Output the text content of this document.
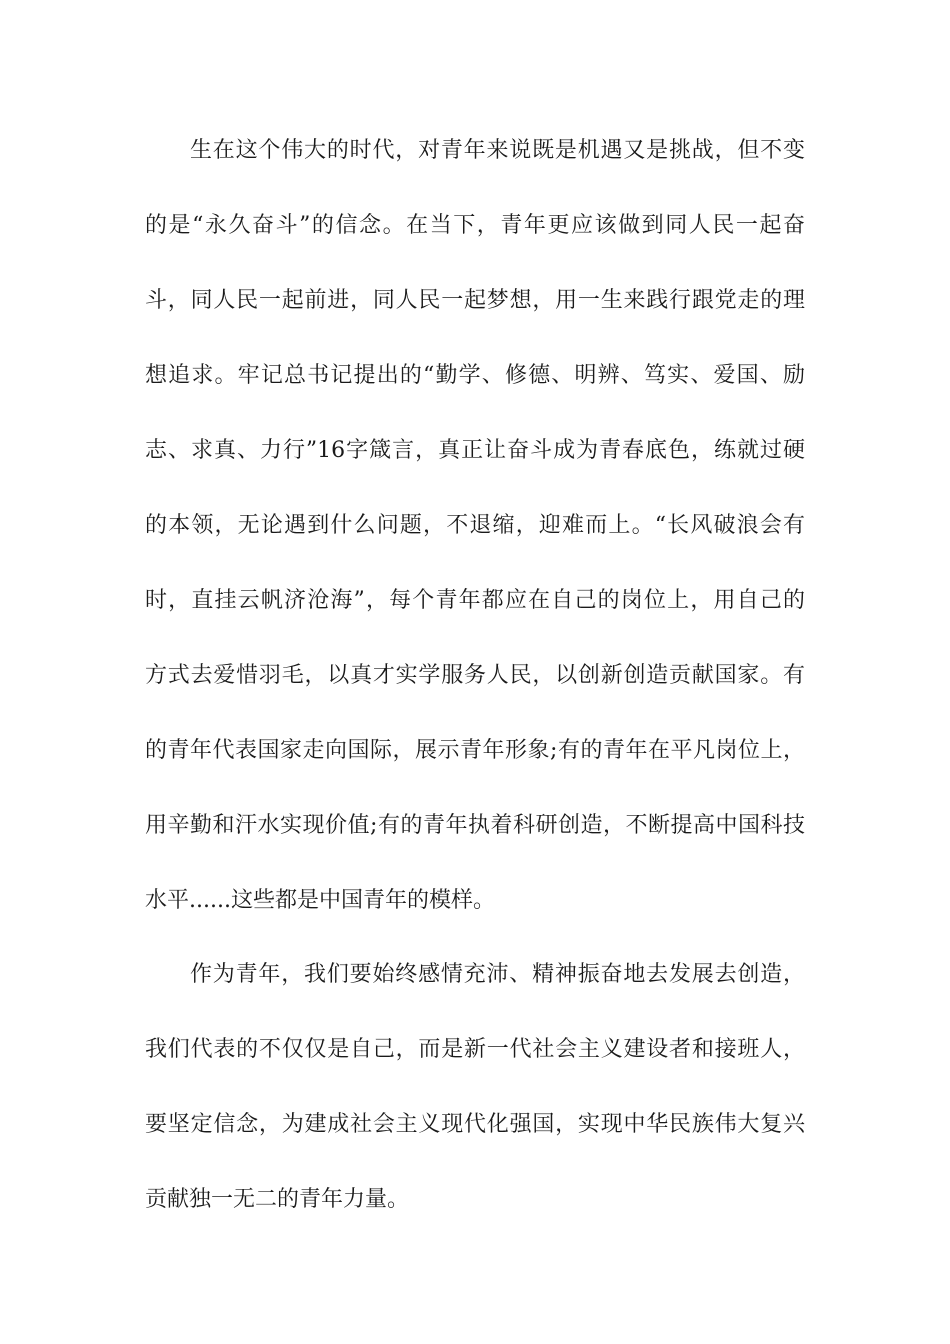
生在这个伟大的时代，对青年来说既是机遇又是挑战，但不变

的是“永久奋斗”的信念。在当下，青年更应该做到同人民一起奋

斗，同人民一起前进，同人民一起梦想，用一生来践行跟党走的理

想追求。牢记总书记提出的“勤学、修德、明辨、笃实、爱国、励

志、求真、力行”16字箴言，真正让奋斗成为青春底色，练就过硬

的本领，无论遇到什么问题，不退缩，迎难而上。“长风破浪会有

时，直挂云帆济沧海”，每个青年都应在自己的岗位上，用自己的

方式去爱惜羽毛，以真才实学服务人民，以创新创造贡献国家。有

的青年代表国家走向国际，展示青年形象;有的青年在平凡岗位上，

用辛勤和汗水实现价值;有的青年执着科研创造，不断提高中国科技

水平......这些都是中国青年的模样。

作为青年，我们要始终感情充沛、精神振奋地去发展去创造，

我们代表的不仅仅是自己，而是新一代社会主义建设者和接班人，

要坚定信念，为建成社会主义现代化强国，实现中华民族伟大复兴

贡献独一无二的青年力量。
